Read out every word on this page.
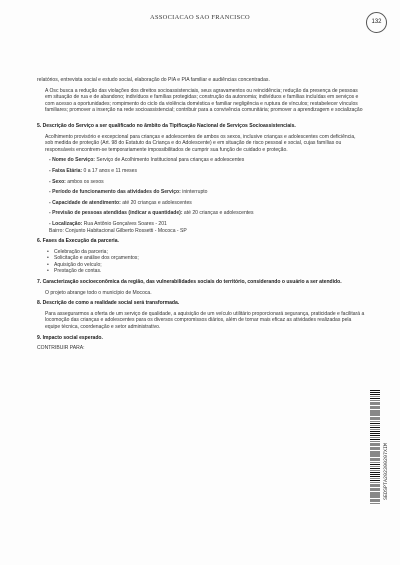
ASSOCIACAO SAO FRANCISCO
132

relatórios, entrevista social e estudo social, elaboração do PIA e PIA familiar e audiências concentradas.

A Osc busca a redução das violações dos direitos socioassistenciais, seus agravamentos ou reincidência; redução da presença de pessoas em situação de rua e de abandono; indivíduos e famílias protegidas; construção da autonomia; indivíduos e famílias incluídas em serviços e com acesso a oportunidades; rompimento do ciclo da violência doméstica e familiar negligência e ruptura de vínculos; restabelecer vínculos familiares; promover a inserção na rede socioassistencial; contribuir para a convivência comunitária; promover a aprendizagem e socialização

5. Descrição do Serviço a ser qualificado no âmbito da Tipificação Nacional de Serviços Socioassistenciais.

Acolhimento provisório e excepcional para crianças e adolescentes de ambos os sexos, inclusive crianças e adolescentes com deficiência, sob medida de proteção (Art. 98 do Estatuto da Criança e do Adolescente) e em situação de risco pessoal e social, cujas famílias ou responsáveis encontrem-se temporariamente impossibilitados de cumprir sua função de cuidado e proteção.

- Nome do Serviço: Serviço de Acolhimento Institucional para crianças e adolescentes

- Faixa Etária: 0 a 17 anos e 11 meses

- Sexo: ambos os sexos

- Período de funcionamento das atividades do Serviço: ininterrupto

- Capacidade de atendimento: até 20 crianças e adolescentes

- Previsão de pessoas atendidas (indicar a quantidade): até 20 crianças e adolescentes

- Localização: Rua Antônio Gonçalves Soares - 201

Bairro: Conjunto Habitacional Gilberto Rossetti - Mococa - SP

6. Fases da Execução da parceria.

• Celebração da parceria;

• Solicitação e análise dos orçamentos;

• Aquisição do veículo;

• Prestação de contas.

7. Caracterização socioeconômica da região, das vulnerabilidades sociais do território, considerando o usuário a ser atendido.

O projeto abrange todo o município de Mococa.

8. Descrição de como a realidade social será transformada.

Para assegurarmos a oferta de um serviço de qualidade, a aquisição de um veículo utilitário proporcionará segurança, praticidade e facilitará a locomoção das crianças e adolescentes para os diversos compromissos diários, além de tornar mais eficaz as atividades realizadas pela equipe técnica, coordenação e setor administrativo.

9. Impacto social esperado.

CONTRIBUIR PARA:

SEDSPTA202300207XIM
